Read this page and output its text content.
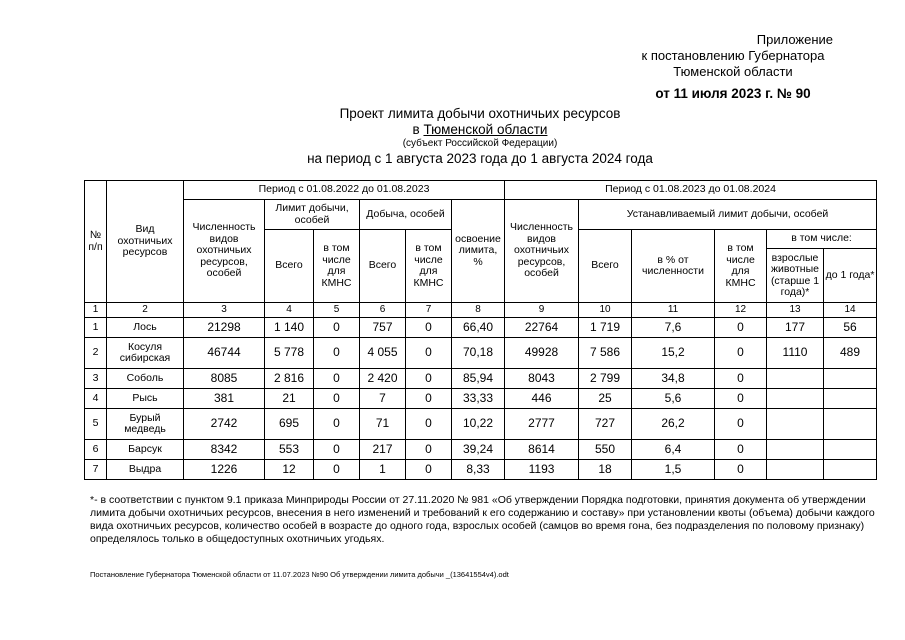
Приложение
к постановлению Губернатора
Тюменской области
от 11 июля 2023 г. № 90
Проект лимита добычи охотничьих ресурсов
в Тюменской области
(субъект Российской Федерации)
на период с 1 августа 2023 года до 1 августа 2024 года
№ п/п	Вид охотничьих ресурсов	Период с 01.08.2022 до 01.08.2023						Период с 01.08.2023 до 01.08.2024					
		Численность видов охотничьих ресурсов, особей	Лимит добычи, особей		Добыча, особей		освоение лимита, %	Численность видов охотничьих ресурсов, особей	Устанавливаемый лимит добычи, особей				
			Всего	в том числе для КМНС	Всего	в том числе для КМНС			Всего	в % от численности	в том числе для КМНС	в том числе:	
												взрослые животные (старше 1 года)*	до 1 года*
1	2	3	4	5	6	7	8	9	10	11	12	13	14
1	Лось	21298	1 140	0	757	0	66,40	22764	1 719	7,6	0	177	56
2	Косуля сибирская	46744	5 778	0	4 055	0	70,18	49928	7 586	15,2	0	1110	489
3	Соболь	8085	2 816	0	2 420	0	85,94	8043	2 799	34,8	0		
4	Рысь	381	21	0	7	0	33,33	446	25	5,6	0		
5	Бурый медведь	2742	695	0	71	0	10,22	2777	727	26,2	0		
6	Барсук	8342	553	0	217	0	39,24	8614	550	6,4	0		
7	Выдра	1226	12	0	1	0	8,33	1193	18	1,5	0		
*- в соответствии с пунктом 9.1 приказа Минприроды России от 27.11.2020 № 981 «Об утверждении Порядка подготовки, принятия документа об утверждении лимита добычи охотничьих ресурсов, внесения в него изменений и требований к его содержанию и составу» при установлении квоты (объема) добычи каждого вида охотничьих ресурсов, количество особей в возрасте до одного года, взрослых особей (самцов во время гона, без подразделения по половому признаку) определялось только в общедоступных охотничьих угодьях.
Постановление Губернатора Тюменской области от 11.07.2023 №90 Об утверждении лимита добычи _(13641554v4).odt
